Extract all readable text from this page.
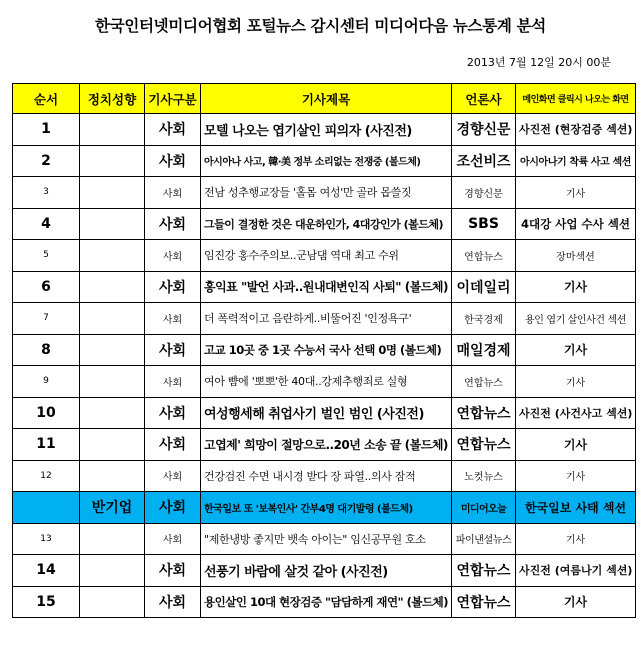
한국인터넷미디어협회 포털뉴스 감시센터 미디어다음 뉴스통계 분석
2013년 7월 12일 20시 00분
순서	정치성향	기사구분	기사제목	언론사	메인화면 클릭시 나오는 화면
1		사회	모텔 나오는 엽기살인 피의자 (사진전)	경향신문	사진전 (현장검증 섹션)
2		사회	아시아나 사고, 韓·美 정부 소리없는 전쟁중 (볼드체)	조선비즈	아시아나기 착륙 사고 섹션
3		사회	전남 성추행교장들 '홀몸 여성'만 골라 몹쓸짓	경향신문	기사
4		사회	그들이 결정한 것은 대운하인가, 4대강인가 (볼드체)	SBS	4대강 사업 수사 섹션
5		사회	임진강 홍수주의보..군남댐 역대 최고 수위	연합뉴스	장마섹션
6		사회	홍익표 "발언 사과..원내대변인직 사퇴" (볼드체)	이데일리	기사
7		사회	더 폭력적이고 음란하게..비뚤어진 '인정욕구'	한국경제	용인 엽기 살인사건 섹션
8		사회	고교 10곳 중 1곳 수능서 국사 선택 0명 (볼드체)	매일경제	기사
9		사회	여아 뺨에 '뽀뽀'한 40대..강제추행죄로 실형	연합뉴스	기사
10		사회	여성행세해 취업사기 벌인 범인 (사진전)	연합뉴스	사진전 (사건사고 섹션)
11		사회	고엽제' 희망이 절망으로..20년 소송 끝 (볼드체)	연합뉴스	기사
12		사회	건강검진 수면 내시경 받다 장 파열..의사 잠적	노컷뉴스	기사
	반기업	사회	한국일보 또 '보복인사' 간부4명 대기발령 (볼드체)	미디어오늘	한국일보 사태 섹션
13		사회	"제한냉방 좋지만 뱃속 아이는" 임신공무원 호소	파이낸셜뉴스	기사
14		사회	선풍기 바람에 살것 같아 (사진전)	연합뉴스	사진전 (여름나기 섹션)
15		사회	용인살인 10대 현장검증 "담담하게 재연" (볼드체)	연합뉴스	기사
